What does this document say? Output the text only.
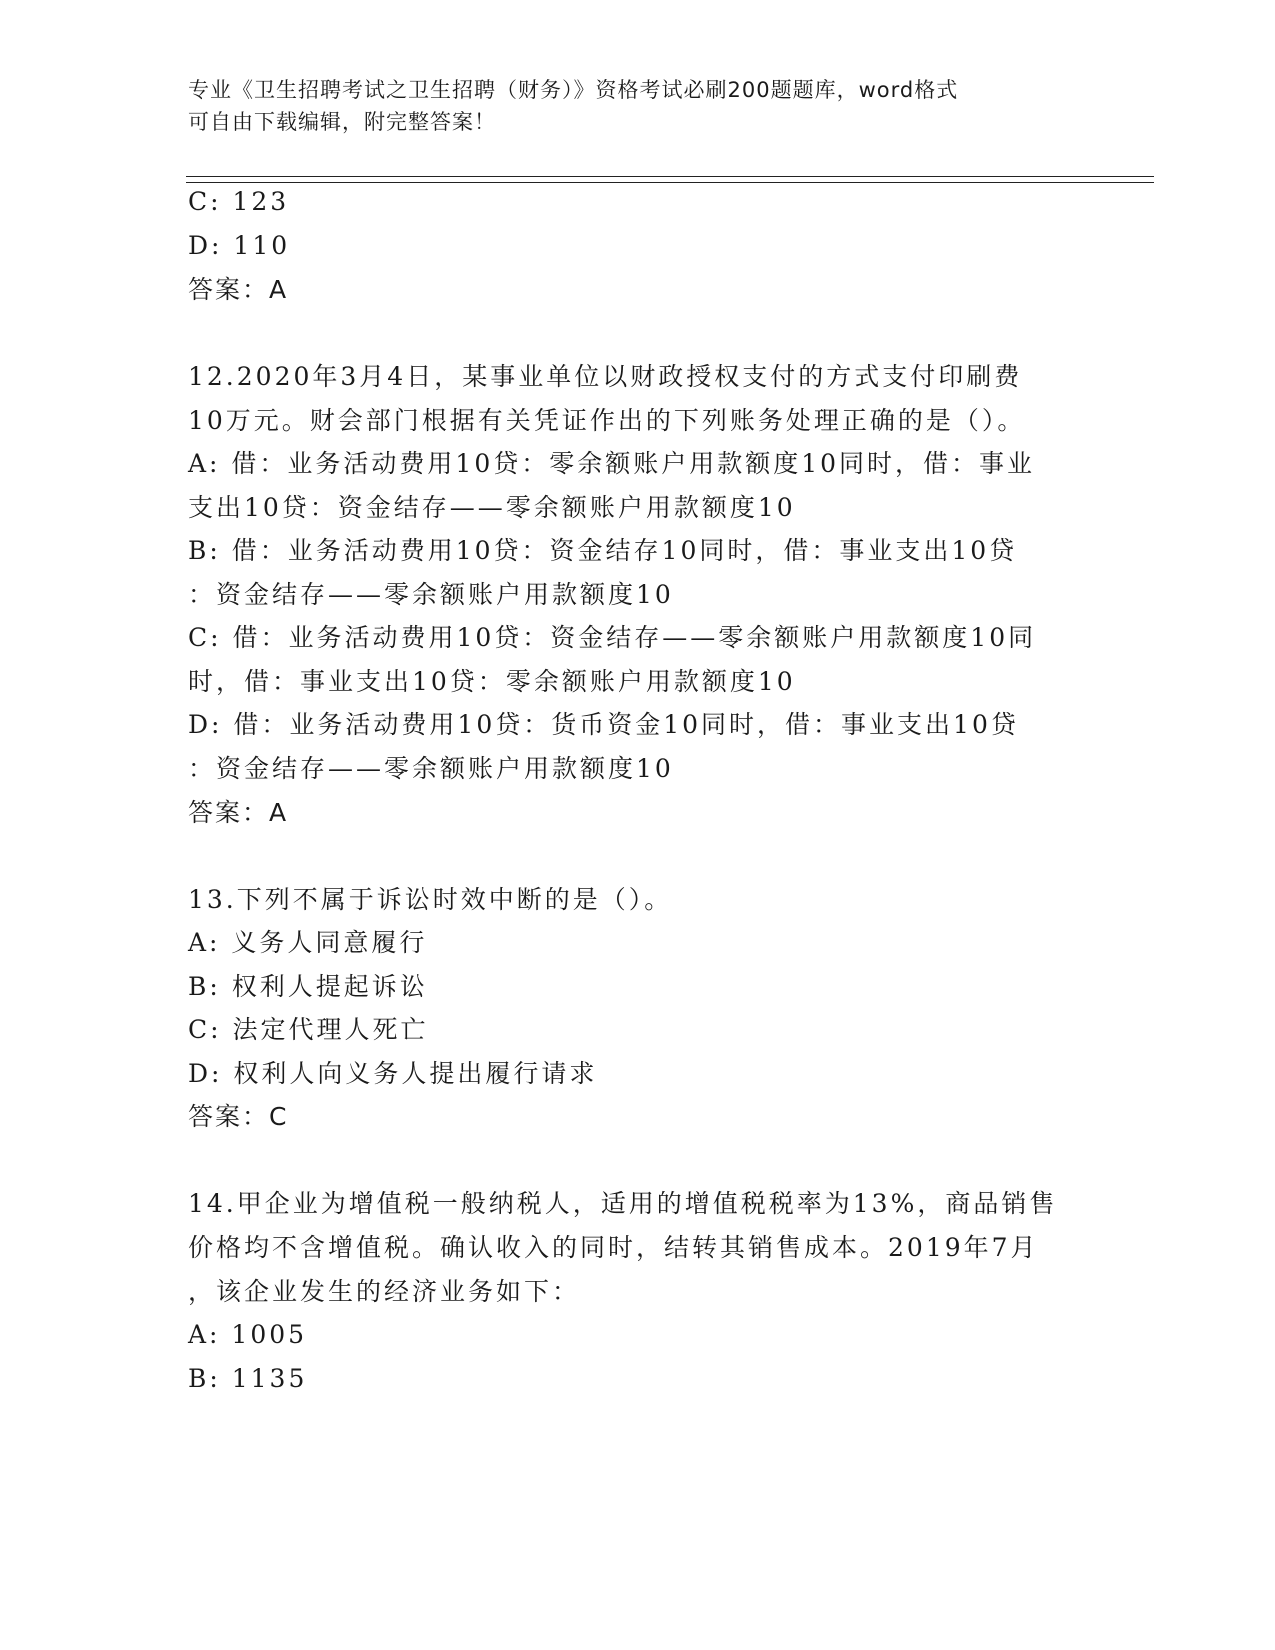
专业《卫生招聘考试之卫生招聘（财务）》资格考试必刷200题题库，word格式
可自由下载编辑，附完整答案！
C: 123
D: 110
答案：A
12.2020年3月4日，某事业单位以财政授权支付的方式支付印刷费
10万元。财会部门根据有关凭证作出的下列账务处理正确的是（）。
A: 借：业务活动费用10贷：零余额账户用款额度10同时，借：事业
支出10贷：资金结存——零余额账户用款额度10
B: 借：业务活动费用10贷：资金结存10同时，借：事业支出10贷
：资金结存——零余额账户用款额度10
C: 借：业务活动费用10贷：资金结存——零余额账户用款额度10同
时，借：事业支出10贷：零余额账户用款额度10
D: 借：业务活动费用10贷：货币资金10同时，借：事业支出10贷
：资金结存——零余额账户用款额度10
答案：A
13.下列不属于诉讼时效中断的是（）。
A: 义务人同意履行
B: 权利人提起诉讼
C: 法定代理人死亡
D: 权利人向义务人提出履行请求
答案：C
14.甲企业为增值税一般纳税人，适用的增值税税率为13%，商品销售
价格均不含增值税。确认收入的同时，结转其销售成本。2019年7月
，该企业发生的经济业务如下：
A: 1005
B: 1135
